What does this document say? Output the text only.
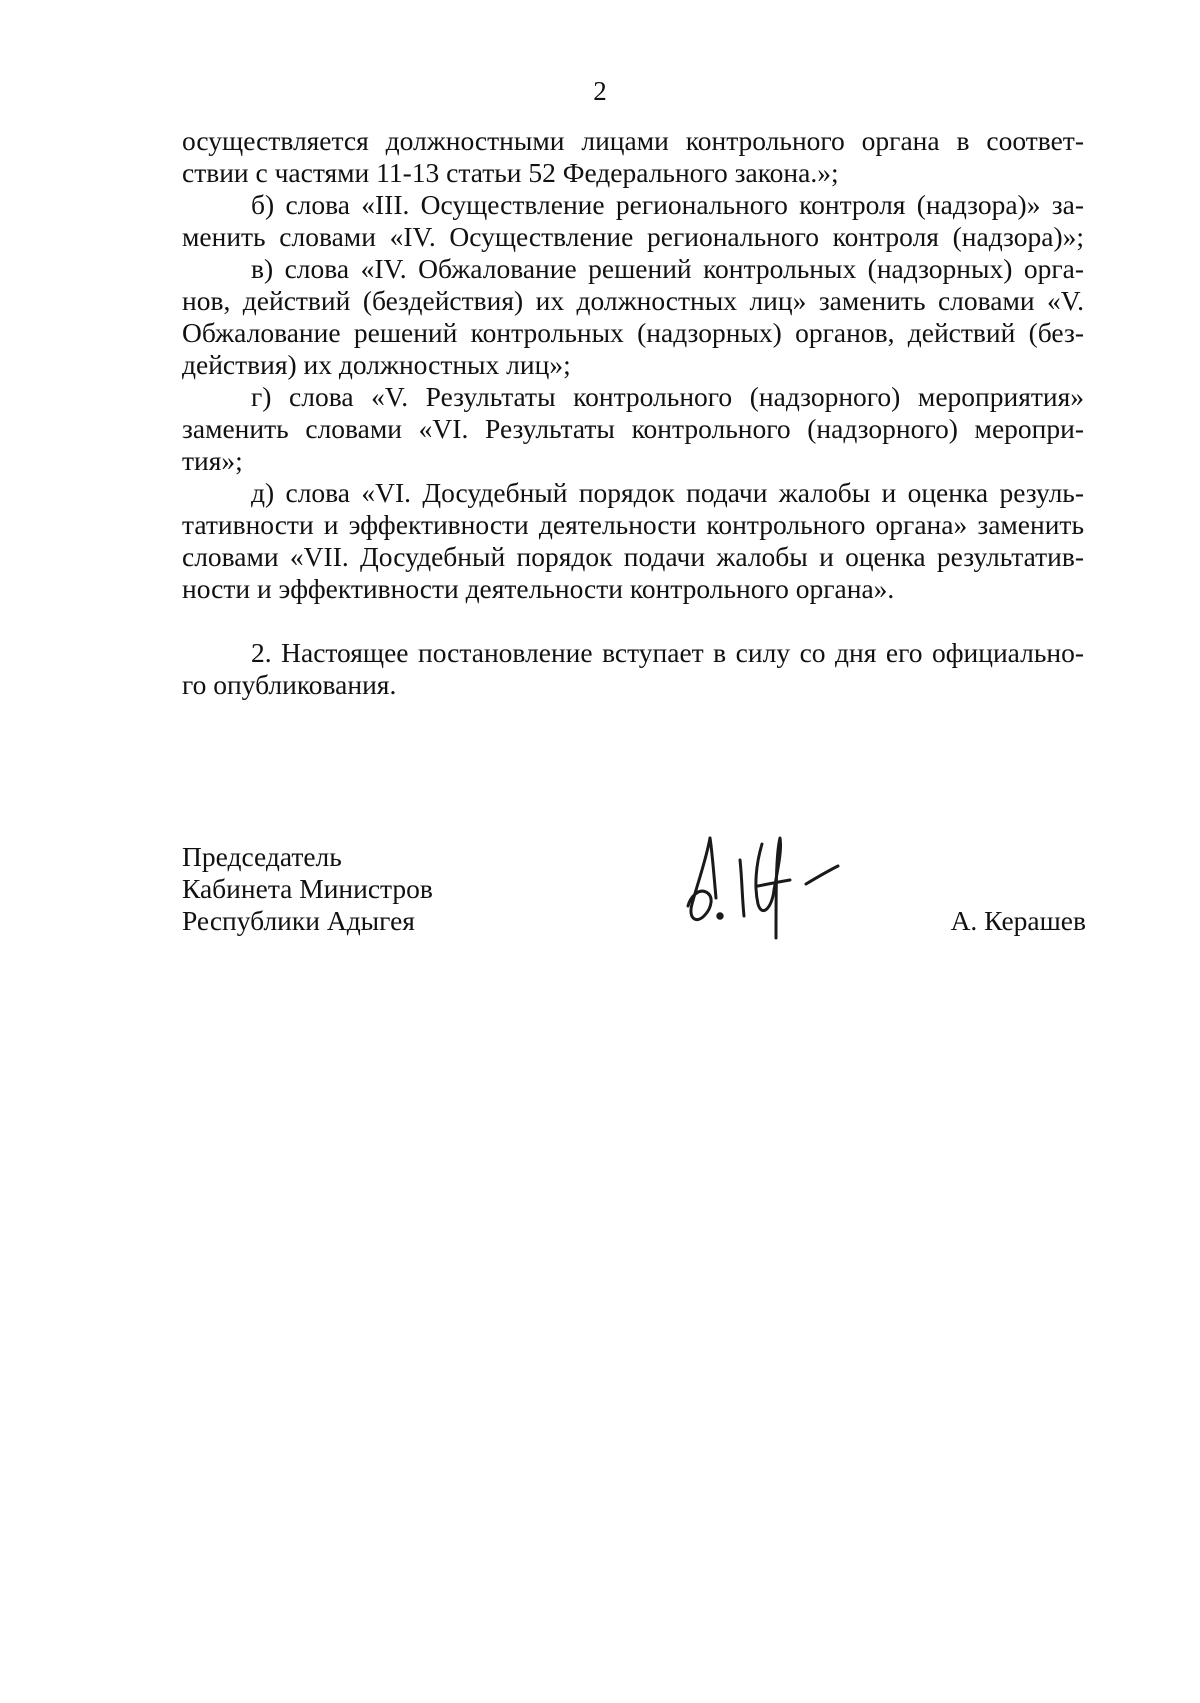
2
осуществляется должностными лицами контрольного органа в соответ-
ствии с частями 11-13 статьи 52 Федерального закона.»;
б) слова «III. Осуществление регионального контроля (надзора)» за-
менить словами «IV. Осуществление регионального контроля (надзора)»;
в) слова «IV. Обжалование решений контрольных (надзорных) орга-
нов, действий (бездействия) их должностных лиц» заменить словами «V.
Обжалование решений контрольных (надзорных) органов, действий (без-
действия) их должностных лиц»;
г) слова «V. Результаты контрольного (надзорного) мероприятия»
заменить словами «VI. Результаты контрольного (надзорного) меропри-
тия»;
д) слова «VI. Досудебный порядок подачи жалобы и оценка резуль-
тативности и эффективности деятельности контрольного органа» заменить
словами «VII. Досудебный порядок подачи жалобы и оценка результатив-
ности и эффективности деятельности контрольного органа».
2. Настоящее постановление вступает в силу со дня его официально-
го опубликования.
Председатель
Кабинета Министров
Республики Адыгея	А. Керашев
